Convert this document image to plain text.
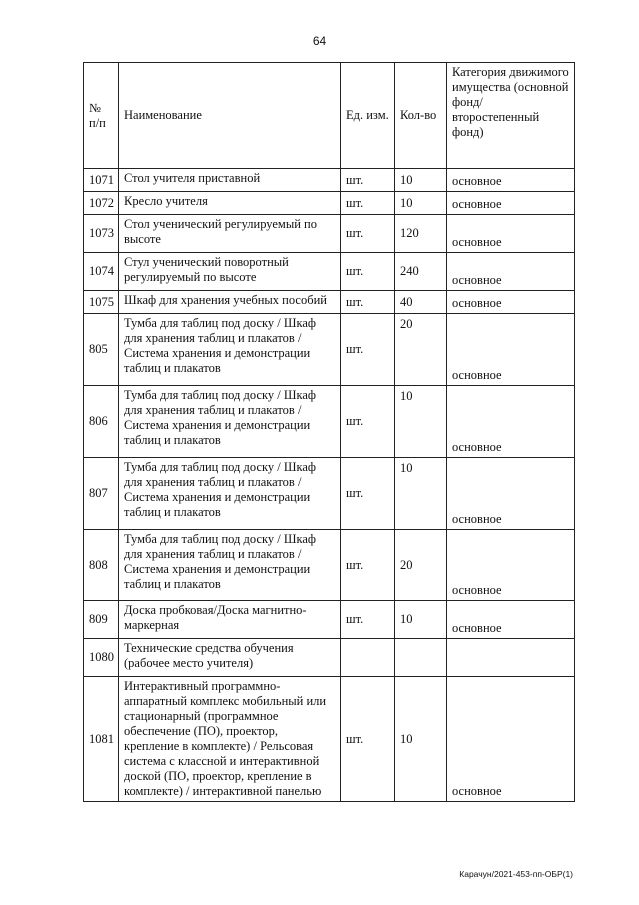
64
№ п/п	Наименование	Ед. изм.	Кол-во	Категория движимого имущества (основной фонд/ второстепенный фонд)
1071	Стол учителя приставной	шт.	10	основное
1072	Кресло учителя	шт.	10	основное
1073	Стол ученический регулируемый по высоте	шт.	120	основное
1074	Стул ученический поворотный регулируемый по высоте	шт.	240	основное
1075	Шкаф для хранения учебных пособий	шт.	40	основное
805	Тумба для таблиц под доску / Шкаф для хранения таблиц и плакатов / Система хранения и демонстрации таблиц и плакатов	шт.	20	основное
806	Тумба для таблиц под доску / Шкаф для хранения таблиц и плакатов / Система хранения и демонстрации таблиц и плакатов	шт.	10	основное
807	Тумба для таблиц под доску / Шкаф для хранения таблиц и плакатов / Система хранения и демонстрации таблиц и плакатов	шт.	10	основное
808	Тумба для таблиц под доску / Шкаф для хранения таблиц и плакатов / Система хранения и демонстрации таблиц и плакатов	шт.	20	основное
809	Доска пробковая/Доска магнитно-маркерная	шт.	10	основное
1080	Технические средства обучения (рабочее место учителя)			
1081	Интерактивный программно-аппаратный комплекс мобильный или стационарный (программное обеспечение (ПО), проектор, крепление в комплекте) / Рельсовая система с классной и интерактивной доской (ПО, проектор, крепление в комплекте) / интерактивной панелью	шт.	10	основное
Карачун/2021-453-пп-ОБР(1)
